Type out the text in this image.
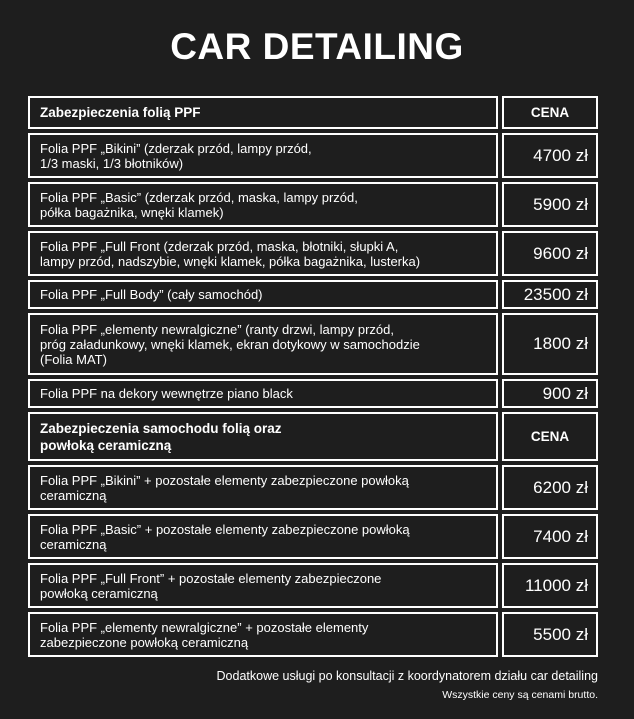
CAR DETAILING
Zabezpieczenia folią PPF	CENA
Folia PPF „Bikini” (zderzak przód, lampy przód,
1/3 maski, 1/3 błotników)	4700 zł
Folia PPF „Basic” (zderzak przód, maska, lampy przód,
półka bagażnika, wnęki klamek)	5900 zł
Folia PPF „Full Front (zderzak przód, maska, błotniki, słupki A,
lampy przód, nadszybie, wnęki klamek, półka bagażnika, lusterka)	9600 zł
Folia PPF „Full Body” (cały samochód)	23500 zł
Folia PPF „elementy newralgiczne” (ranty drzwi, lampy przód,
próg załadunkowy, wnęki klamek, ekran dotykowy w samochodzie
(Folia MAT)
1800 zł
Folia PPF na dekory wewnętrze piano black	900 zł
Zabezpieczenia samochodu folią oraz
powłoką ceramiczną
CENA
Folia PPF „Bikini” + pozostałe elementy zabezpieczone powłoką
ceramiczną	6200 zł
Folia PPF „Basic” + pozostałe elementy zabezpieczone powłoką
ceramiczną	7400 zł
Folia PPF „Full Front” + pozostałe elementy zabezpieczone
powłoką ceramiczną	11000 zł
Folia PPF „elementy newralgiczne” + pozostałe elementy
zabezpieczone powłoką ceramiczną	5500 zł
Dodatkowe usługi po konsultacji z koordynatorem działu car detailing
Wszystkie ceny są cenami brutto.
